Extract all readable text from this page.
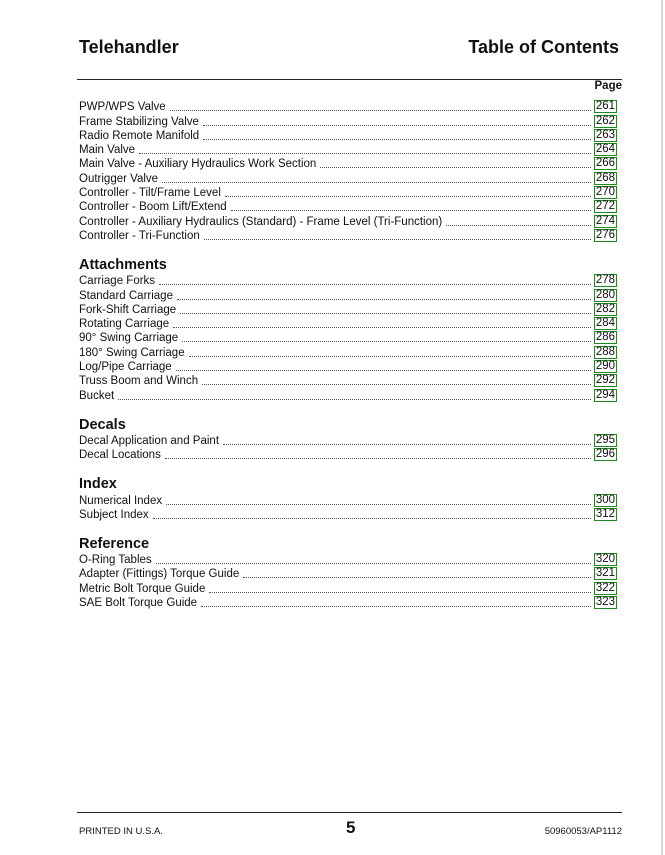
Telehandler	Table of Contents
Page
PWP/WPS Valve	261
Frame Stabilizing Valve	262
Radio Remote Manifold	263
Main Valve	264
Main Valve - Auxiliary Hydraulics Work Section	266
Outrigger Valve	268
Controller - Tilt/Frame Level	270
Controller - Boom Lift/Extend	272
Controller - Auxiliary Hydraulics (Standard) - Frame Level (Tri-Function)	274
Controller - Tri-Function	276
Attachments
Carriage Forks	278
Standard Carriage	280
Fork-Shift Carriage	282
Rotating Carriage	284
90° Swing Carriage	286
180° Swing Carriage	288
Log/Pipe Carriage	290
Truss Boom and Winch	292
Bucket	294
Decals
Decal Application and Paint	295
Decal Locations	296
Index
Numerical Index	300
Subject Index	312
Reference
O-Ring Tables	320
Adapter (Fittings) Torque Guide	321
Metric Bolt Torque Guide	322
SAE Bolt Torque Guide	323
PRINTED IN U.S.A.	5	50960053/AP1112
